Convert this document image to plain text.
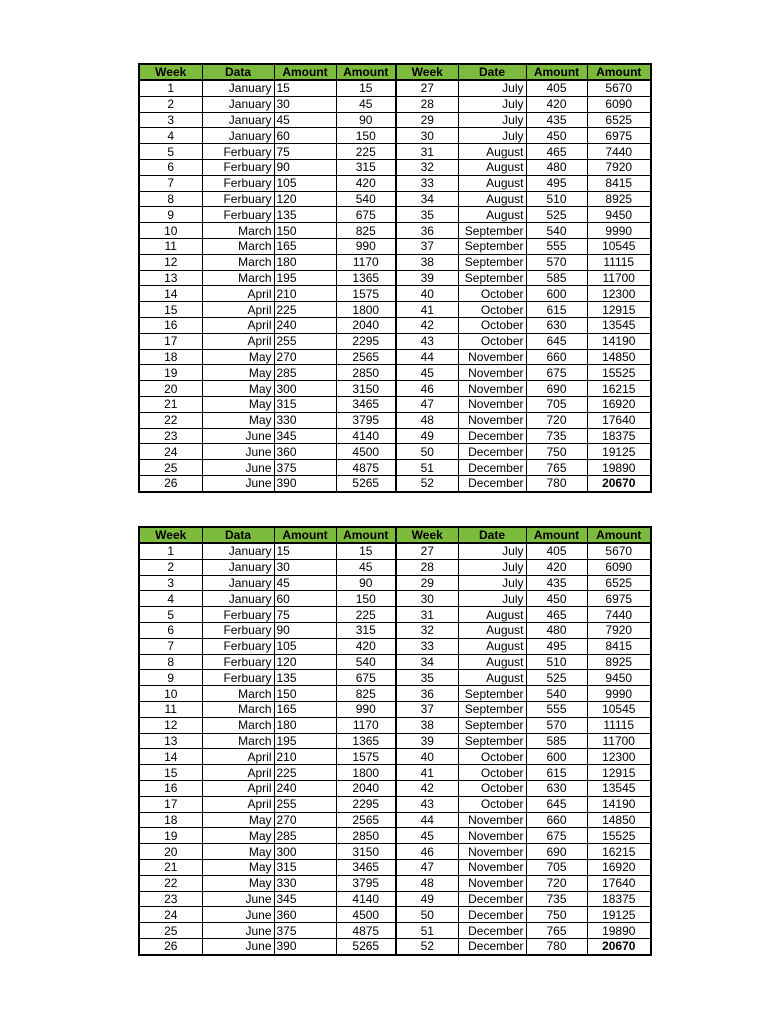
Week	Data	Amount	Amount	Week	Date	Amount	Amount
1	January	15	15	27	July	405	5670
2	January	30	45	28	July	420	6090
3	January	45	90	29	July	435	6525
4	January	60	150	30	July	450	6975
5	Ferbuary	75	225	31	August	465	7440
6	Ferbuary	90	315	32	August	480	7920
7	Ferbuary	105	420	33	August	495	8415
8	Ferbuary	120	540	34	August	510	8925
9	Ferbuary	135	675	35	August	525	9450
10	March	150	825	36	September	540	9990
11	March	165	990	37	September	555	10545
12	March	180	1170	38	September	570	11115
13	March	195	1365	39	September	585	11700
14	April	210	1575	40	October	600	12300
15	April	225	1800	41	October	615	12915
16	April	240	2040	42	October	630	13545
17	April	255	2295	43	October	645	14190
18	May	270	2565	44	November	660	14850
19	May	285	2850	45	November	675	15525
20	May	300	3150	46	November	690	16215
21	May	315	3465	47	November	705	16920
22	May	330	3795	48	November	720	17640
23	June	345	4140	49	December	735	18375
24	June	360	4500	50	December	750	19125
25	June	375	4875	51	December	765	19890
26	June	390	5265	52	December	780	20670
Week	Data	Amount	Amount	Week	Date	Amount	Amount
1	January	15	15	27	July	405	5670
2	January	30	45	28	July	420	6090
3	January	45	90	29	July	435	6525
4	January	60	150	30	July	450	6975
5	Ferbuary	75	225	31	August	465	7440
6	Ferbuary	90	315	32	August	480	7920
7	Ferbuary	105	420	33	August	495	8415
8	Ferbuary	120	540	34	August	510	8925
9	Ferbuary	135	675	35	August	525	9450
10	March	150	825	36	September	540	9990
11	March	165	990	37	September	555	10545
12	March	180	1170	38	September	570	11115
13	March	195	1365	39	September	585	11700
14	April	210	1575	40	October	600	12300
15	April	225	1800	41	October	615	12915
16	April	240	2040	42	October	630	13545
17	April	255	2295	43	October	645	14190
18	May	270	2565	44	November	660	14850
19	May	285	2850	45	November	675	15525
20	May	300	3150	46	November	690	16215
21	May	315	3465	47	November	705	16920
22	May	330	3795	48	November	720	17640
23	June	345	4140	49	December	735	18375
24	June	360	4500	50	December	750	19125
25	June	375	4875	51	December	765	19890
26	June	390	5265	52	December	780	20670
